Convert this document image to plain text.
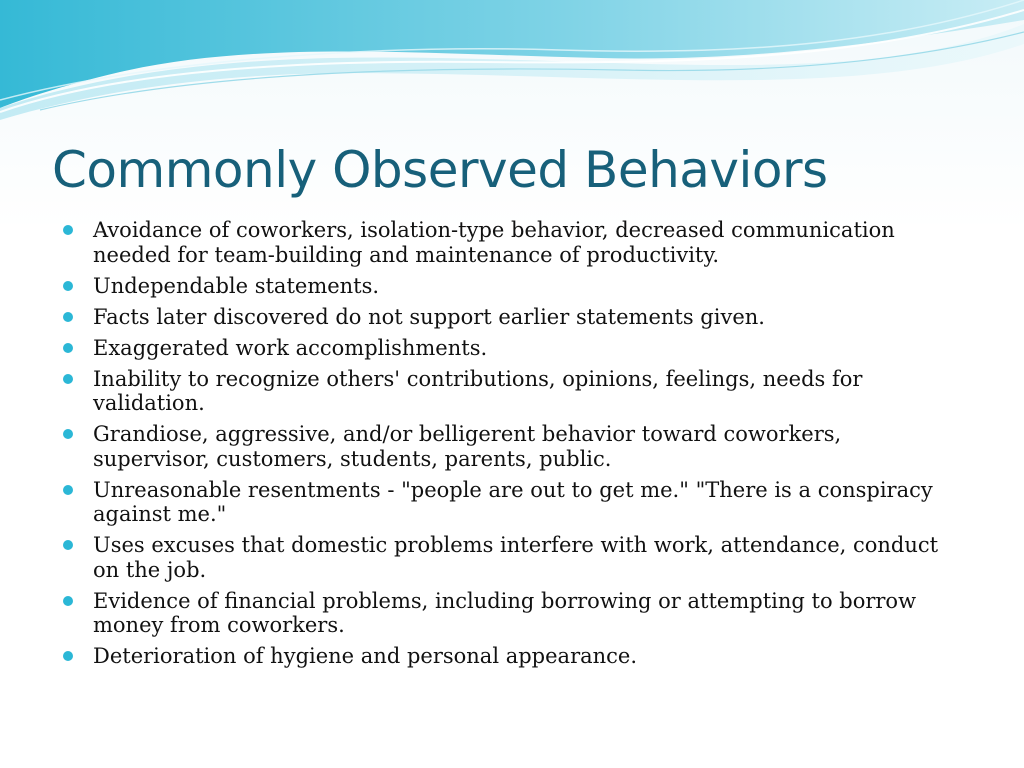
Commonly Observed Behaviors
Avoidance of coworkers, isolation-type behavior, decreased communication needed for team-building and maintenance of productivity.
Undependable statements.
Facts later discovered do not support earlier statements given.
Exaggerated work accomplishments.
Inability to recognize others' contributions, opinions, feelings, needs for validation.
Grandiose, aggressive, and/or belligerent behavior toward coworkers, supervisor, customers, students, parents, public.
Unreasonable resentments - "people are out to get me." "There is a conspiracy against me."
Uses excuses that domestic problems interfere with work, attendance, conduct on the job.
Evidence of financial problems, including borrowing or attempting to borrow money from coworkers.
Deterioration of hygiene and personal appearance.
